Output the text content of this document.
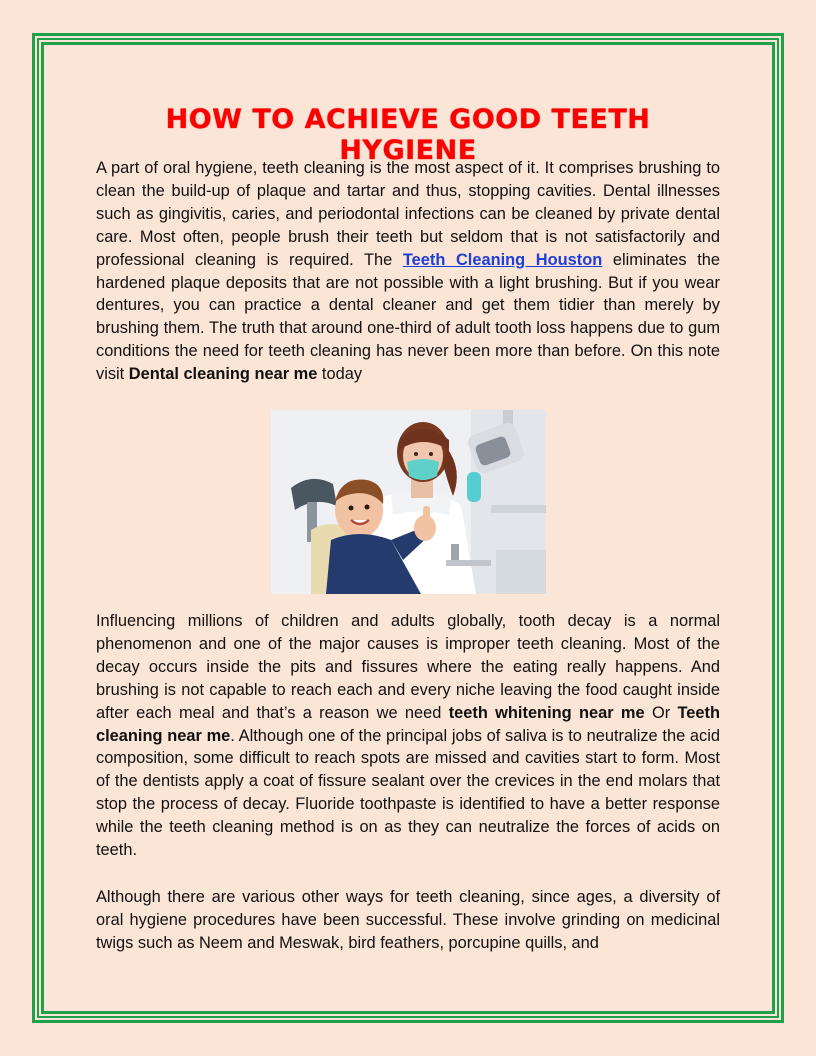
HOW TO ACHIEVE GOOD TEETH HYGIENE

A part of oral hygiene, teeth cleaning is the most aspect of it. It comprises brushing to clean the build-up of plaque and tartar and thus, stopping cavities. Dental illnesses such as gingivitis, caries, and periodontal infections can be cleaned by private dental care. Most often, people brush their teeth but seldom that is not satisfactorily and professional cleaning is required. The Teeth Cleaning Houston eliminates the hardened plaque deposits that are not possible with a light brushing. But if you wear dentures, you can practice a dental cleaner and get them tidier than merely by brushing them. The truth that around one-third of adult tooth loss happens due to gum conditions the need for teeth cleaning has never been more than before. On this note visit Dental cleaning near me today

Influencing millions of children and adults globally, tooth decay is a normal phenomenon and one of the major causes is improper teeth cleaning. Most of the decay occurs inside the pits and fissures where the eating really happens. And brushing is not capable to reach each and every niche leaving the food caught inside after each meal and that’s a reason we need teeth whitening near me Or Teeth cleaning near me. Although one of the principal jobs of saliva is to neutralize the acid composition, some difficult to reach spots are missed and cavities start to form. Most of the dentists apply a coat of fissure sealant over the crevices in the end molars that stop the process of decay. Fluoride toothpaste is identified to have a better response while the teeth cleaning method is on as they can neutralize the forces of acids on teeth.

Although there are various other ways for teeth cleaning, since ages, a diversity of oral hygiene procedures have been successful. These involve grinding on medicinal twigs such as Neem and Meswak, bird feathers, porcupine quills, and
